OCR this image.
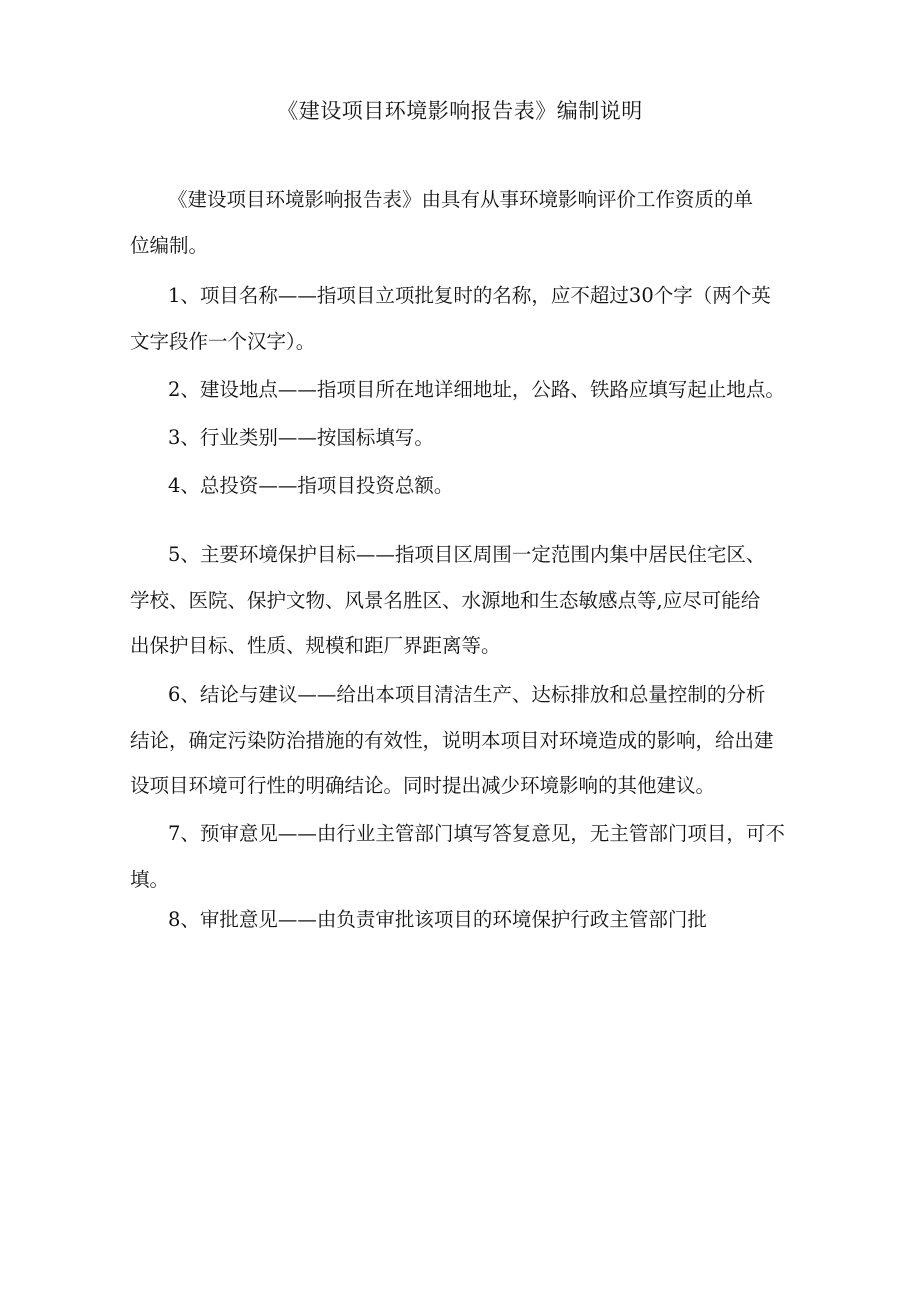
《建设项目环境影响报告表》编制说明
《建设项目环境影响报告表》由具有从事环境影响评价工作资质的单
位编制。
1、项目名称——指项目立项批复时的名称，应不超过30个字（两个英
文字段作一个汉字）。
2、建设地点——指项目所在地详细地址，公路、铁路应填写起止地点。
3、行业类别——按国标填写。
4、总投资——指项目投资总额。
5、主要环境保护目标——指项目区周围一定范围内集中居民住宅区、
学校、医院、保护文物、风景名胜区、水源地和生态敏感点等,应尽可能给
出保护目标、性质、规模和距厂界距离等。
6、结论与建议——给出本项目清洁生产、达标排放和总量控制的分析
结论，确定污染防治措施的有效性，说明本项目对环境造成的影响，给出建
设项目环境可行性的明确结论。同时提出减少环境影响的其他建议。
7、预审意见——由行业主管部门填写答复意见，无主管部门项目，可不
填。
8、审批意见——由负责审批该项目的环境保护行政主管部门批
